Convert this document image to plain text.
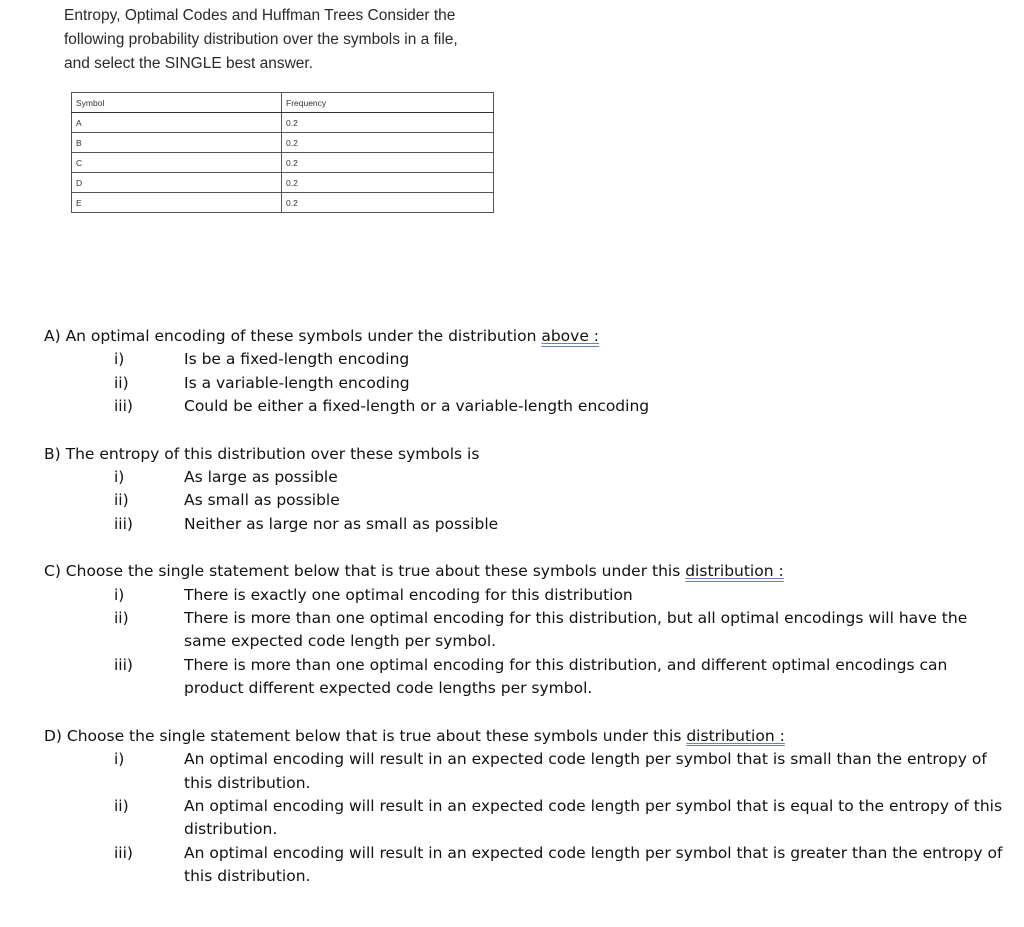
Entropy, Optimal Codes and Huffman Trees Consider the

following probability distribution over the symbols in a file,

and select the SINGLE best answer.

Symbol	Frequency
A	0.2
B	0.2
C	0.2
D	0.2
E	0.2

A) An optimal encoding of these symbols under the distribution above :

i)	Is be a fixed-length encoding
ii)	Is a variable-length encoding
iii)	Could be either a fixed-length or a variable-length encoding

B) The entropy of this distribution over these symbols is

i)	As large as possible
ii)	As small as possible
iii)	Neither as large nor as small as possible

C) Choose the single statement below that is true about these symbols under this distribution :

i)	There is exactly one optimal encoding for this distribution
ii)	There is more than one optimal encoding for this distribution, but all optimal encodings will have the same expected code length per symbol.
iii)	There is more than one optimal encoding for this distribution, and different optimal encodings can product different expected code lengths per symbol.

D) Choose the single statement below that is true about these symbols under this distribution :

i)	An optimal encoding will result in an expected code length per symbol that is small than the entropy of this distribution.
ii)	An optimal encoding will result in an expected code length per symbol that is equal to the entropy of this distribution.
iii)	An optimal encoding will result in an expected code length per symbol that is greater than the entropy of this distribution.
